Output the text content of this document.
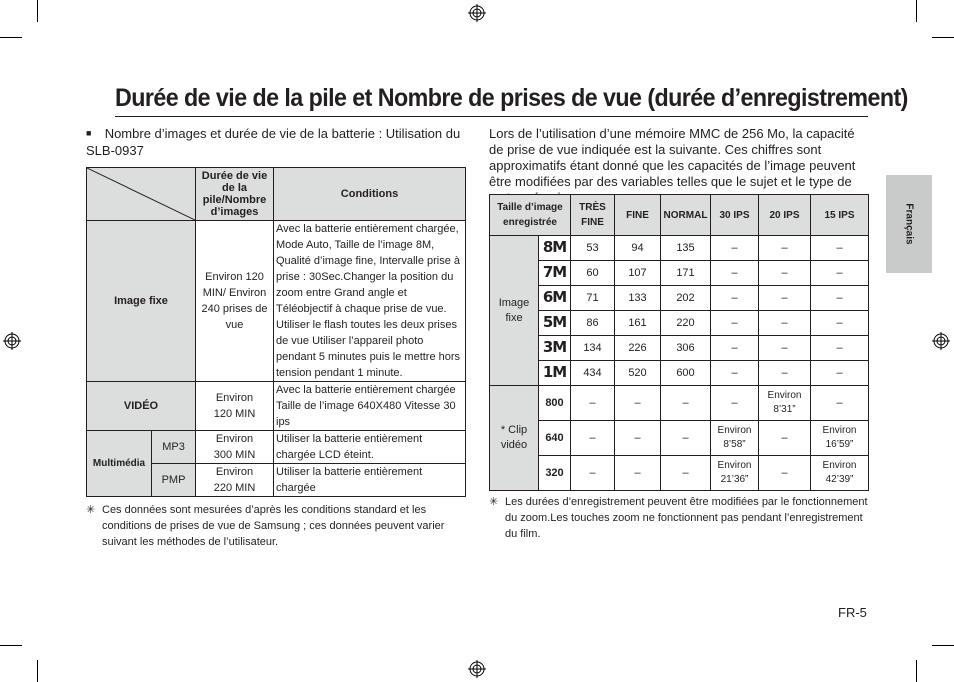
Durée de vie de la pile et Nombre de prises de vue (durée d’enregistrement)
■ Nombre d’images et durée de vie de la batterie : Utilisation du SLB-0937
	Durée de vie de la pile/Nombre d’images	Conditions
Image fixe		Environ 120 MIN/ Environ 240 prises de vue	Avec la batterie entièrement chargée, Mode Auto, Taille de l’image 8M, Qualité d’image fine, Intervalle prise à prise : 30Sec.Changer la position du zoom entre Grand angle et Téléobjectif à chaque prise de vue. Utiliser le flash toutes les deux prises de vue Utiliser l’appareil photo pendant 5 minutes puis le mettre hors tension pendant 1 minute.
VIDÉO		Environ 120 MIN	Avec la batterie entièrement chargée Taille de l’image 640X480 Vitesse 30 ips
Multimédia	MP3	Environ 300 MIN	Utiliser la batterie entièrement chargée LCD éteint.
	PMP	Environ 220 MIN	Utiliser la batterie entièrement chargée
✳ Ces données sont mesurées d’après les conditions standard et les conditions de prises de vue de Samsung ; ces données peuvent varier suivant les méthodes de l’utilisateur.
Lors de l’utilisation d’une mémoire MMC de 256 Mo, la capacité de prise de vue indiquée est la suivante. Ces chiffres sont approximatifs étant donné que les capacités de l’image peuvent être modifiées par des variables telles que le sujet et le type de
Taille d’image enregistrée		TRÈS FINE	FINE	NORMAL	30 IPS	20 IPS	15 IPS
Image fixe	8M	53	94	135	–	–	–
	7M	60	107	171	–	–	–
	6M	71	133	202	–	–	–
	5M	86	161	220	–	–	–
	3M	134	226	306	–	–	–
	1M	434	520	600	–	–	–
* Clip vidéo	800	–	–	–	–	Environ 8’31”	–
	640	–	–	–	Environ 8’58”	–	Environ 16’59”
	320	–	–	–	Environ 21’36”	–	Environ 42’39”
✳ Les durées d’enregistrement peuvent être modifiées par le fonctionnement du zoom.Les touches zoom ne fonctionnent pas pendant l’enregistrement du film.
Français
FR-5
